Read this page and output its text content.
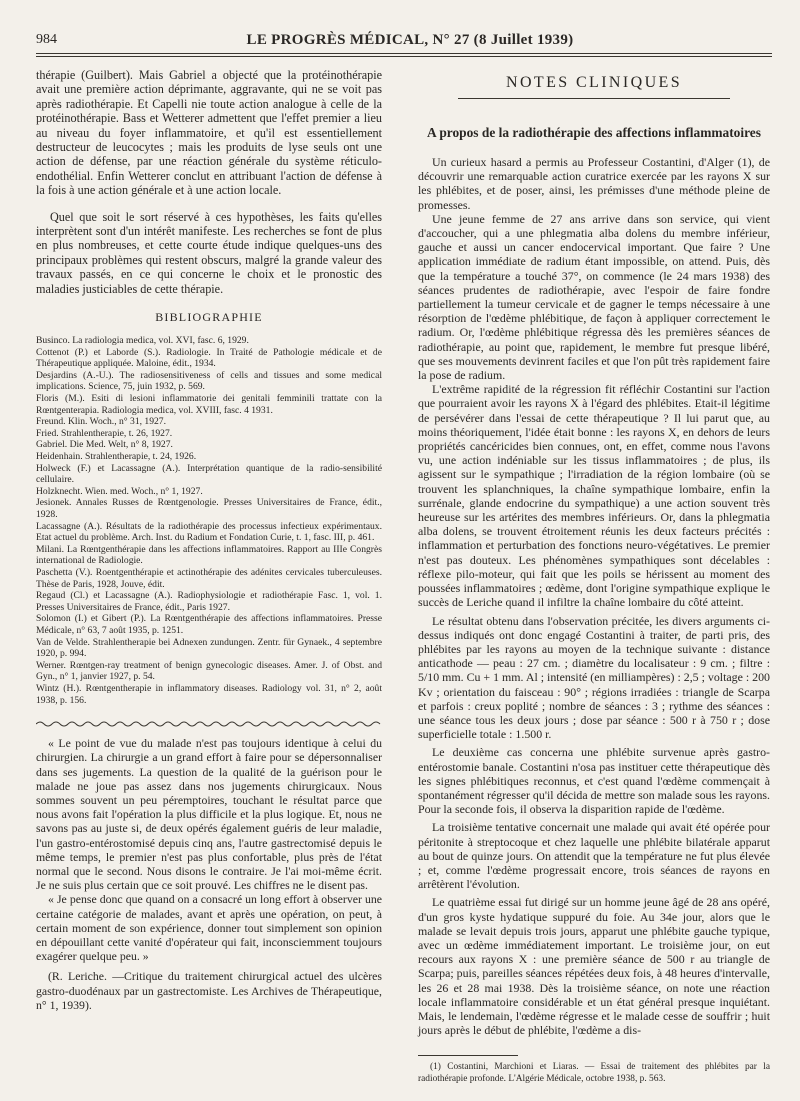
984	LE PROGRÈS MÉDICAL, N° 27 (8 Juillet 1939)

thérapie (Guilbert). Mais Gabriel a objecté que la protéinothérapie avait une première action déprimante, aggravante, qui ne se voit pas après radiothérapie. Et Capelli nie toute action analogue à celle de la protéinothérapie. Bass et Wetterer admettent que l'effet premier a lieu au niveau du foyer inflammatoire, et qu'il est essentiellement destructeur de leucocytes ; mais les produits de lyse seuls ont une action de défense, par une réaction générale du système réticulo-endothélial. Enfin Wetterer conclut en attribuant l'action de défense à la fois à une action générale et à une action locale.

Quel que soit le sort réservé à ces hypothèses, les faits qu'elles interprètent sont d'un intérêt manifeste. Les recherches se font de plus en plus nombreuses, et cette courte étude indique quelques-uns des principaux problèmes qui restent obscurs, malgré la grande valeur des travaux passés, en ce qui concerne le choix et le pronostic des maladies justiciables de cette thérapie.

BIBLIOGRAPHIE

Businco. La radiologia medica, vol. XVI, fasc. 6, 1929.

Cottenot (P.) et Laborde (S.). Radiologie. In Traité de Pathologie médicale et de Thérapeutique appliquée. Maloine, édit., 1934.

Desjardins (A.-U.). The radiosensitiveness of cells and tissues and some medical implications. Science, 75, juin 1932, p. 569.

Floris (M.). Esiti di lesioni inflammatorie dei genitali femminili trattate con la Rœntgenterapia. Radiologia medica, vol. XVIII, fasc. 4 1931.

Freund. Klin. Woch., n° 31, 1927.

Fried. Strahlentherapie, t. 26, 1927.

Gabriel. Die Med. Welt, n° 8, 1927.

Heidenhain. Strahlentherapie, t. 24, 1926.

Holweck (F.) et Lacassagne (A.). Interprétation quantique de la radio-sensibilité cellulaire.

Holzknecht. Wien. med. Woch., n° 1, 1927.

Jesionek. Annales Russes de Rœntgenologie. Presses Universitaires de France, édit., 1928.

Lacassagne (A.). Résultats de la radiothérapie des processus infectieux expérimentaux. Etat actuel du problème. Arch. Inst. du Radium et Fondation Curie, t. 1, fasc. III, p. 461.

Milani. La Rœntgenthérapie dans les affections inflammatoires. Rapport au IIIe Congrès international de Radiologie.

Paschetta (V.). Roentgenthérapie et actinothérapie des adénites cervicales tuberculeuses. Thèse de Paris, 1928, Jouve, édit.

Regaud (Cl.) et Lacassagne (A.). Radiophysiologie et radiothérapie Fasc. 1, vol. 1. Presses Universitaires de France, édit., Paris 1927.

Solomon (I.) et Gibert (P.). La Rœntgenthérapie des affections inflammatoires. Presse Médicale, n° 63, 7 août 1935, p. 1251.

Van de Velde. Strahlentherapie bei Adnexen zundungen. Zentr. für Gynaek., 4 septembre 1920, p. 994.

Werner. Rœntgen-ray treatment of benign gynecologic diseases. Amer. J. of Obst. and Gyn., n° 1, janvier 1927, p. 54.

Wintz (H.). Rœntgentherapie in inflammatory diseases. Radiology vol. 31, n° 2, août 1938, p. 156.

« Le point de vue du malade n'est pas toujours identique à celui du chirurgien. La chirurgie a un grand effort à faire pour se dépersonnaliser dans ses jugements. La question de la qualité de la guérison pour le malade ne joue pas assez dans nos jugements chirurgicaux. Nous sommes souvent un peu péremptoires, touchant le résultat parce que nous avons fait l'opération la plus difficile et la plus logique. Et, nous ne savons pas au juste si, de deux opérés également guéris de leur maladie, l'un gastro-entérostomisé depuis cinq ans, l'autre gastrectomisé depuis le même temps, le premier n'est pas plus confortable, plus près de l'état normal que le second. Nous disons le contraire. Je l'ai moi-même écrit. Je ne suis plus certain que ce soit prouvé. Les chiffres ne le disent pas.

« Je pense donc que quand on a consacré un long effort à observer une certaine catégorie de malades, avant et après une opération, on peut, à certain moment de son expérience, donner tout simplement son opinion en dépouillant cette vanité d'opérateur qui fait, inconsciemment toujours exagérer quelque peu. »

(R. Leriche. —Critique du traitement chirurgical actuel des ulcères gastro-duodénaux par un gastrectomiste. Les Archives de Thérapeutique, n° 1, 1939).

NOTES CLINIQUES
A propos de la radiothérapie des affections inflammatoires

Un curieux hasard a permis au Professeur Costantini, d'Alger (1), de découvrir une remarquable action curatrice exercée par les rayons X sur les phlébites, et de poser, ainsi, les prémisses d'une méthode pleine de promesses.

Une jeune femme de 27 ans arrive dans son service, qui vient d'accoucher, qui a une phlegmatia alba dolens du membre inférieur, gauche et aussi un cancer endocervical important. Que faire ? Une application immédiate de radium étant impossible, on attend. Puis, dès que la température a touché 37°, on commence (le 24 mars 1938) des séances prudentes de radiothérapie, avec l'espoir de faire fondre partiellement la tumeur cervicale et de gagner le temps nécessaire à une résorption de l'œdème phlébitique, de façon à appliquer correctement le radium. Or, l'œdème phlébitique régressa dès les premières séances de radiothérapie, au point que, rapidement, le membre fut presque libéré, que ses mouvements devinrent faciles et que l'on pût très rapidement faire la pose de radium.

L'extrême rapidité de la régression fit réfléchir Costantini sur l'action que pourraient avoir les rayons X à l'égard des phlébites. Etait-il légitime de persévérer dans l'essai de cette thérapeutique ? Il lui parut que, au moins théoriquement, l'idée était bonne : les rayons X, en dehors de leurs propriétés cancéricides bien connues, ont, en effet, comme nous l'avons vu, une action indéniable sur les tissus inflammatoires ; de plus, ils agissent sur le sympathique ; l'irradiation de la région lombaire (où se trouvent les splanchniques, la chaîne sympathique lombaire, enfin la surrénale, glande endocrine du sympathique) a une action souvent très heureuse sur les artérites des membres inférieurs. Or, dans la phlegmatia alba dolens, se trouvent étroitement réunis les deux facteurs précités : inflammation et perturbation des fonctions neuro-végétatives. Le premier n'est pas douteux. Les phénomènes sympathiques sont décelables : réflexe pilo-moteur, qui fait que les poils se hérissent au moment des poussées inflammatoires ; œdème, dont l'origine sympathique explique le succès de Leriche quand il infiltre la chaîne lombaire du côté atteint.

Le résultat obtenu dans l'observation précitée, les divers arguments ci-dessus indiqués ont donc engagé Costantini à traiter, de parti pris, des phlébites par les rayons au moyen de la technique suivante : distance anticathode — peau : 27 cm. ; diamètre du localisateur : 9 cm. ; filtre : 5/10 mm. Cu + 1 mm. Al ; intensité (en milliampères) : 2,5 ; voltage : 200 Kv ; orientation du faisceau : 90° ; régions irradiées : triangle de Scarpa et parfois : creux poplité ; nombre de séances : 3 ; rythme des séances : une séance tous les deux jours ; dose par séance : 500 r à 750 r ; dose superficielle totale : 1.500 r.

Le deuxième cas concerna une phlébite survenue après gastro-entérostomie banale. Costantini n'osa pas instituer cette thérapeutique dès les signes phlébitiques reconnus, et c'est quand l'œdème commençait à spontanément régresser qu'il décida de mettre son malade sous les rayons. Pour la seconde fois, il observa la disparition rapide de l'œdème.

La troisième tentative concernait une malade qui avait été opérée pour péritonite à streptocoque et chez laquelle une phlébite bilatérale apparut au bout de quinze jours. On attendit que la température ne fut plus élevée ; et, comme l'œdème progressait encore, trois séances de rayons en arrêtèrent l'évolution.

Le quatrième essai fut dirigé sur un homme jeune âgé de 28 ans opéré, d'un gros kyste hydatique suppuré du foie. Au 34e jour, alors que le malade se levait depuis trois jours, apparut une phlébite gauche typique, avec un œdème immédiatement important. Le troisième jour, on eut recours aux rayons X : une première séance de 500 r au triangle de Scarpa; puis, pareilles séances répétées deux fois, à 48 heures d'intervalle, les 26 et 28 mai 1938. Dès la troisième séance, on note une réaction locale inflammatoire considérable et un état général presque inquiétant. Mais, le lendemain, l'œdème régresse et le malade cesse de souffrir ; huit jours après le début de phlébite, l'œdème a dis-

(1) Costantini, Marchioni et Liaras. — Essai de traitement des phlébites par la radiothérapie profonde. L'Algérie Médicale, octobre 1938, p. 563.
